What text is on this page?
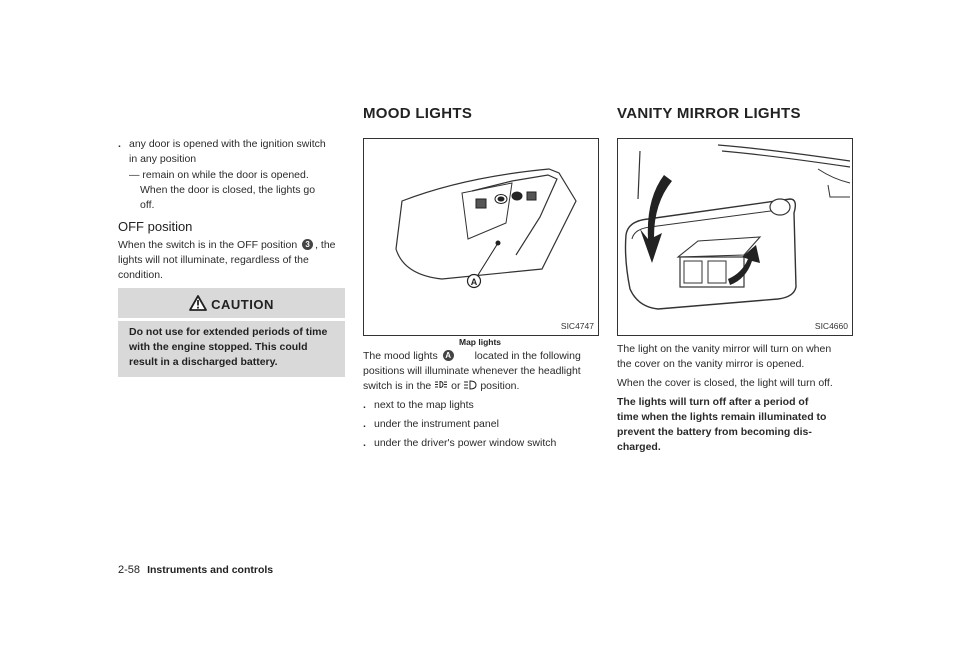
MOOD LIGHTS	VANITY MIRROR LIGHTS
. any door is opened with the ignition switch
in any position
— remain on while the door is opened.
When the door is closed, the lights go
off.
OFF position
When the switch is in the OFF position 3 , the
lights will not illuminate, regardless of the
condition.
CAUTION
Do not use for extended periods of time
with the engine stopped. This could
result in a discharged battery.
A
SIC4747
Map lights
The mood lights A located in the following
positions will illuminate whenever the headlight
switch is in the or position.
. next to the map lights
. under the instrument panel
. under the driver's power window switch
SIC4660
The light on the vanity mirror will turn on when
the cover on the vanity mirror is opened.
When the cover is closed, the light will turn off.
The lights will turn off after a period of
time when the lights remain illuminated to
prevent the battery from becoming dis-
charged.
2-58 Instruments and controls
